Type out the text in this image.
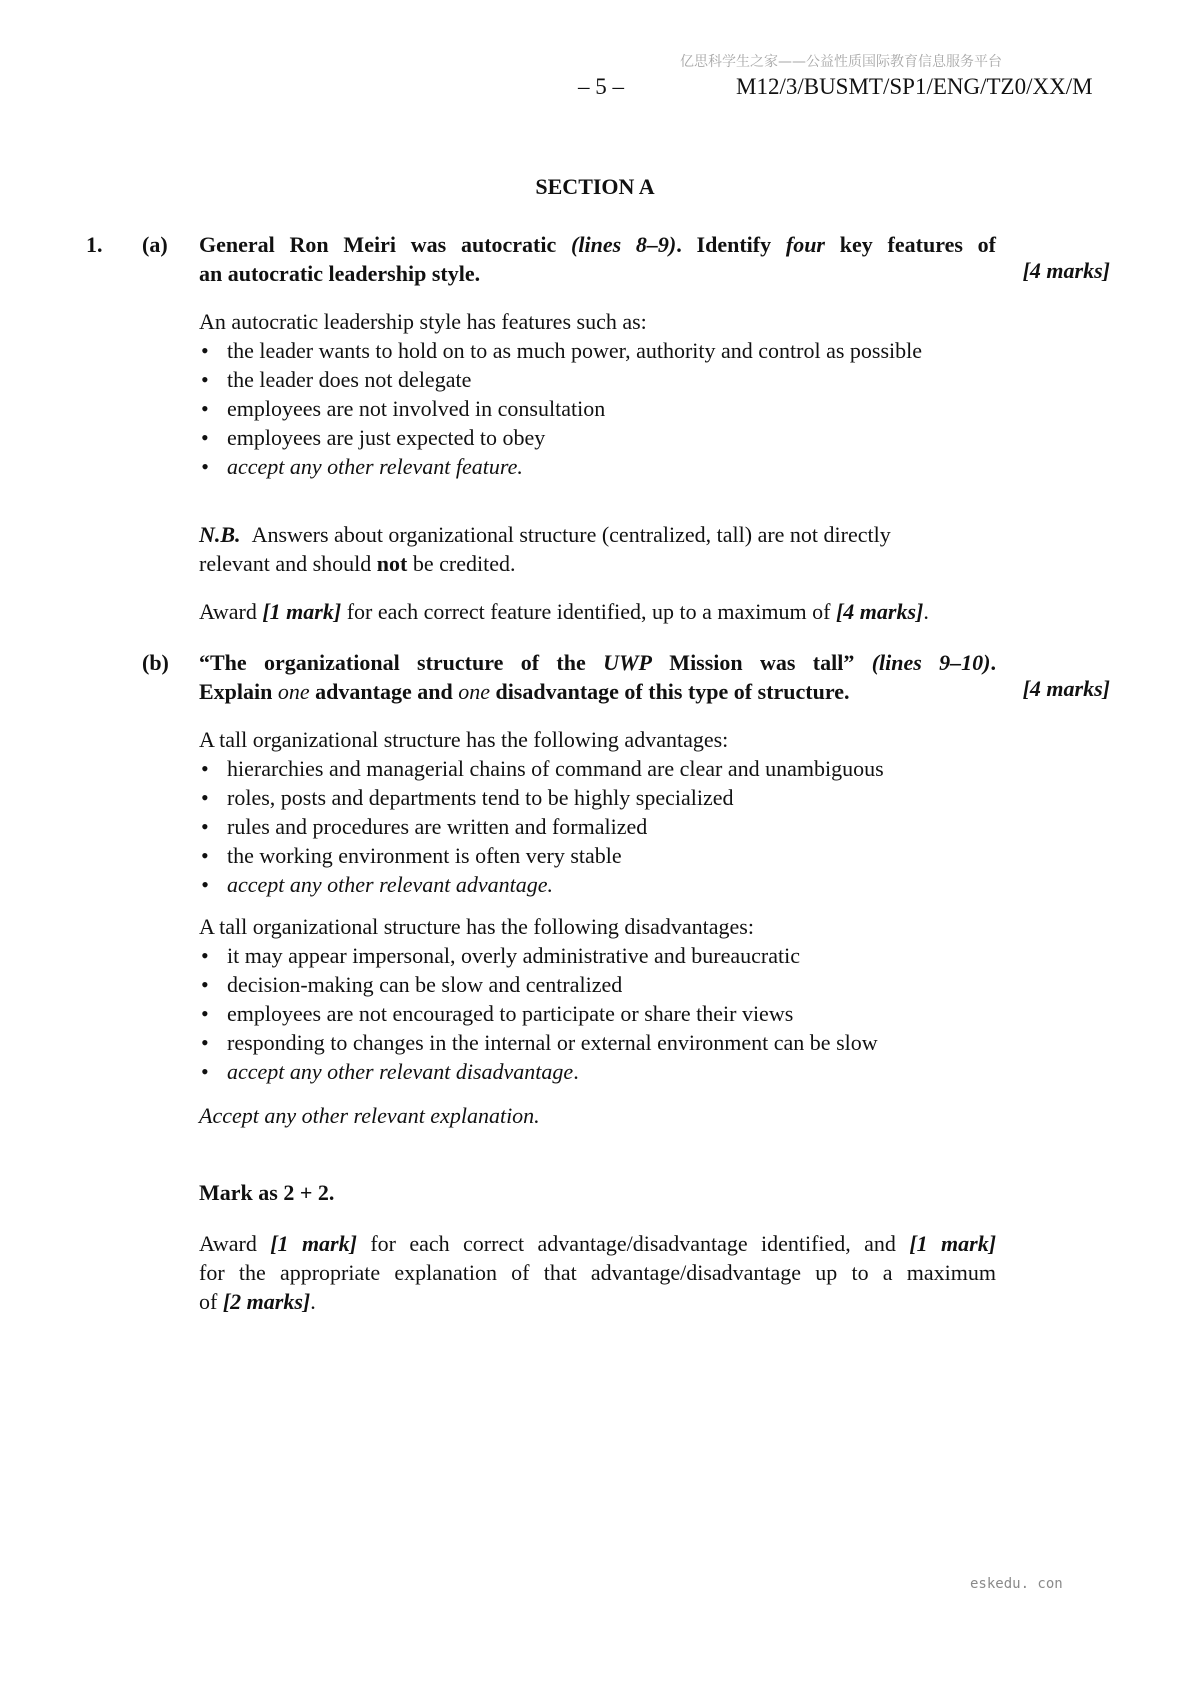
亿思科学生之家——公益性质国际教育信息服务平台
– 5 –	M12/3/BUSMT/SP1/ENG/TZ0/XX/M
SECTION A
1. (a) General Ron Meiri was autocratic (lines 8–9). Identify four key features of
an autocratic leadership style.	[4 marks]
An autocratic leadership style has features such as:
• the leader wants to hold on to as much power, authority and control as possible
• the leader does not delegate
• employees are not involved in consultation
• employees are just expected to obey
• accept any other relevant feature.
N.B. Answers about organizational structure (centralized, tall) are not directly
relevant and should not be credited.
Award [1 mark] for each correct feature identified, up to a maximum of [4 marks].
(b) “The organizational structure of the UWP Mission was tall” (lines 9–10).
Explain one advantage and one disadvantage of this type of structure.	[4 marks]
A tall organizational structure has the following advantages:
• hierarchies and managerial chains of command are clear and unambiguous
• roles, posts and departments tend to be highly specialized
• rules and procedures are written and formalized
• the working environment is often very stable
• accept any other relevant advantage.
A tall organizational structure has the following disadvantages:
• it may appear impersonal, overly administrative and bureaucratic
• decision-making can be slow and centralized
• employees are not encouraged to participate or share their views
• responding to changes in the internal or external environment can be slow
• accept any other relevant disadvantage.
Accept any other relevant explanation.
Mark as 2 + 2.
Award [1 mark] for each correct advantage/disadvantage identified, and [1 mark]
for the appropriate explanation of that advantage/disadvantage up to a maximum
of [2 marks].
eskedu. con
